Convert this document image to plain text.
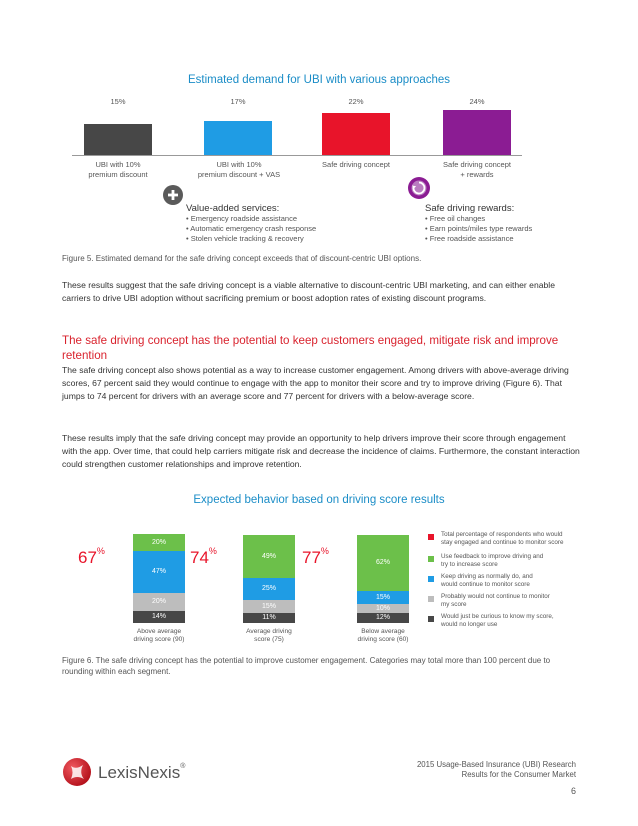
Estimated demand for UBI with various approaches
15%	17%	22%	24%
UBI with 10%
premium discount
UBI with 10%
premium discount + VAS
Safe driving concept	Safe driving concept
+ rewards
Value-added services:
• Emergency roadside assistance
• Automatic emergency crash response
• Stolen vehicle tracking & recovery
Safe driving rewards:
• Free oil changes
• Earn points/miles type rewards
• Free roadside assistance
Figure 5. Estimated demand for the safe driving concept exceeds that of discount-centric UBI options.
These results suggest that the safe driving concept is a viable alternative to discount-centric UBI marketing, and can either enable carriers to drive UBI adoption without sacrificing premium or boost adoption rates of existing discount programs.
The safe driving concept has the potential to keep customers engaged, mitigate risk and improve retention
The safe driving concept also shows potential as a way to increase customer engagement. Among drivers with above-average driving scores, 67 percent said they would continue to engage with the app to monitor their score and try to improve driving (Figure 6). That jumps to 74 percent for drivers with an average score and 77 percent for drivers with a below-average score.
These results imply that the safe driving concept may provide an opportunity to help drivers improve their score through engagement with the app. Over time, that could help carriers mitigate risk and decrease the incidence of claims. Furthermore, the constant interaction could strengthen customer relationships and improve retention.
Expected behavior based on driving score results
67%
20%
47%
20%
14%
Above average
driving score (90)
74%
49%
25%
15%
11%
Average driving
score (75)
77%
62%
15%
10%
12%
Below average
driving score (60)
Total percentage of respondents who would
stay engaged and continue to monitor score
Use feedback to improve driving and
try to increase score
Keep driving as normally do, and
would continue to monitor score
Probably would not continue to monitor
my score
Would just be curious to know my score,
would no longer use
Figure 6. The safe driving concept has the potential to improve customer engagement. Categories may total more than 100 percent due to rounding within each segment.
LexisNexis®	2015 Usage-Based Insurance (UBI) Research
Results for the Consumer Market
6
